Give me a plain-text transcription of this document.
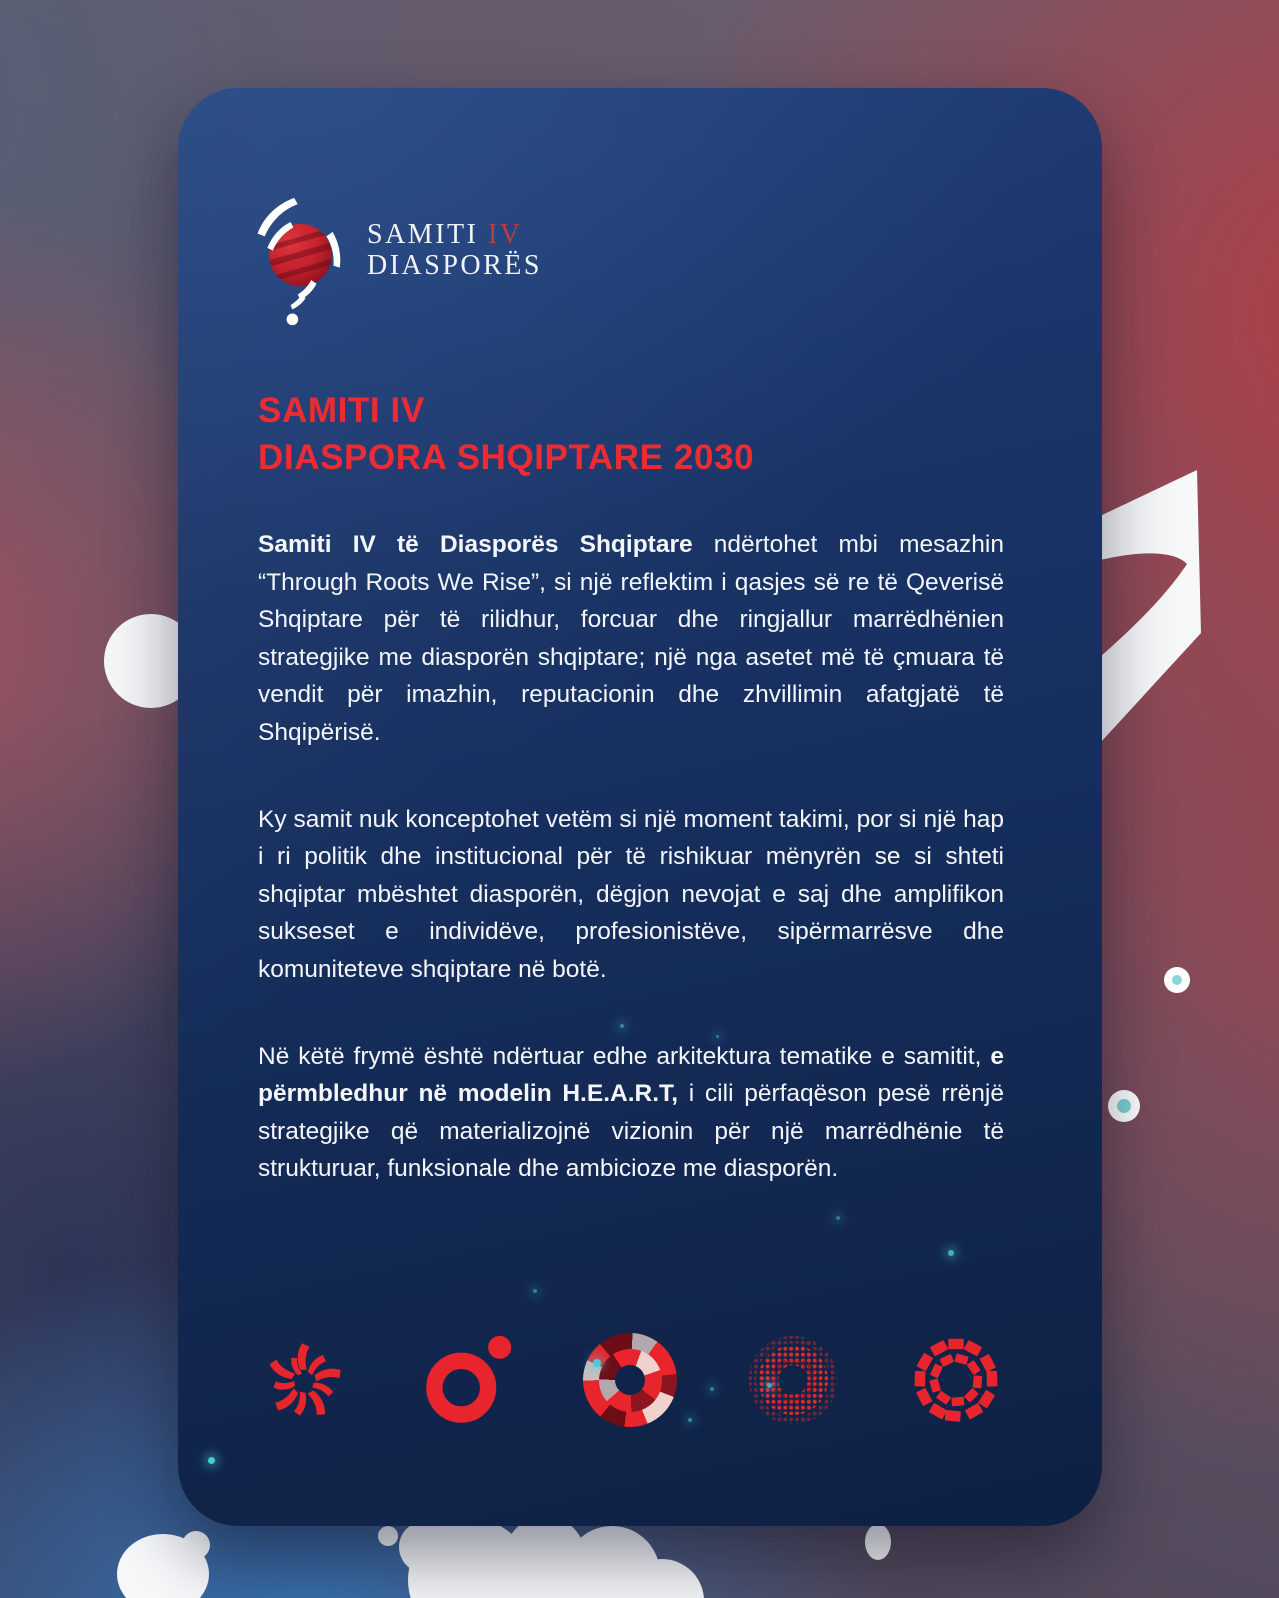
SAMITI IV
DIASPORËS
SAMITI IV
DIASPORA SHQIPTARE 2030

Samiti IV të Diasporës Shqiptare ndërtohet mbi mesazhin “Through Roots We Rise”, si një reflektim i qasjes së re të Qeverisë Shqiptare për të rilidhur, forcuar dhe ringjallur marrëdhënien strategjike me diasporën shqiptare; një nga asetet më të çmuara të vendit për imazhin, reputacionin dhe zhvillimin afatgjatë të Shqipërisë.

Ky samit nuk konceptohet vetëm si një moment takimi, por si një hap i ri politik dhe institucional për të rishikuar mënyrën se si shteti shqiptar mbështet diasporën, dëgjon nevojat e saj dhe amplifikon sukseset e individëve, profesionistëve, sipërmarrësve dhe komuniteteve shqiptare në botë.

Në këtë frymë është ndërtuar edhe arkitektura tematike e samitit, e përmbledhur në modelin H.E.A.R.T, i cili përfaqëson pesë rrënjë strategjike që materializojnë vizionin për një marrëdhënie të strukturuar, funksionale dhe ambicioze me diasporën.
